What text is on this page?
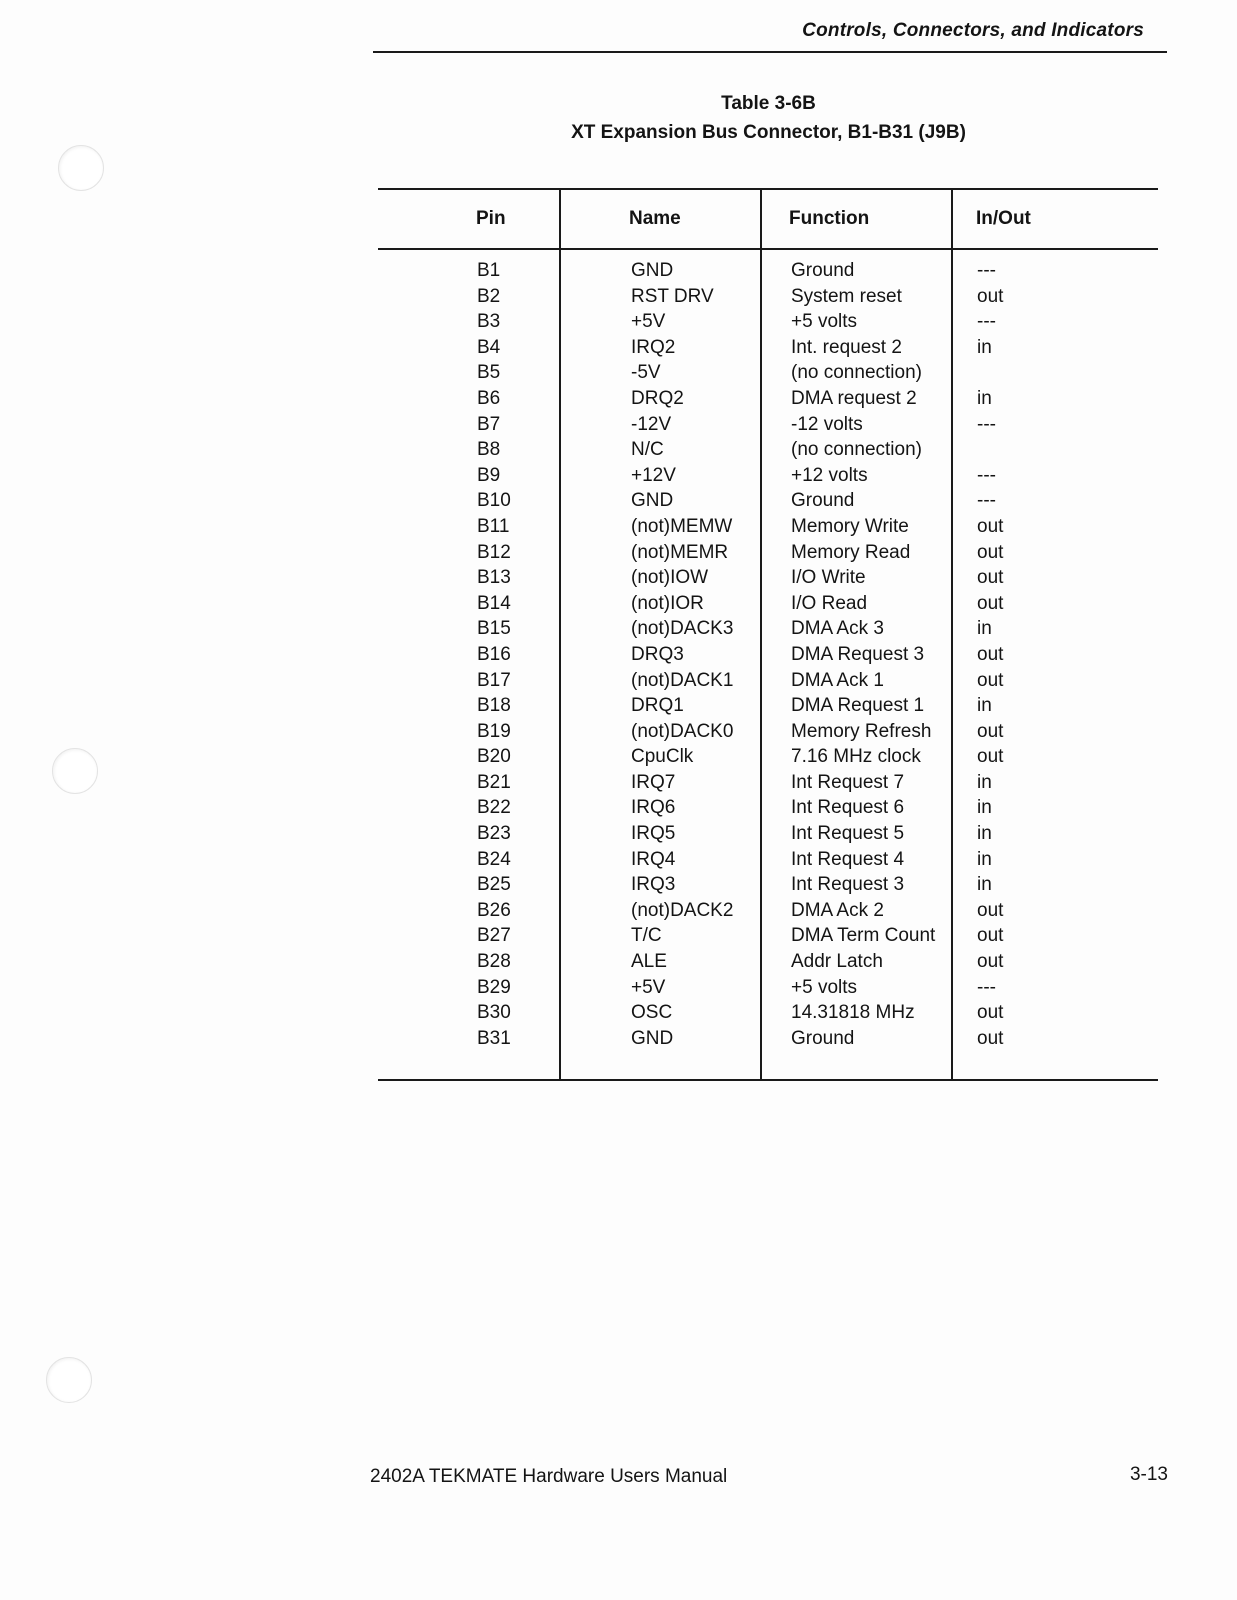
Controls, Connectors, and Indicators
Table 3-6B
XT Expansion Bus Connector, B1-B31 (J9B)
Pin	Name	Function	In/Out
B1	GND	Ground	---
B2	RST DRV	System reset	out
B3	+5V	+5 volts	---
B4	IRQ2	Int. request 2	in
B5	-5V	(no connection)
B6	DRQ2	DMA request 2	in
B7	-12V	-12 volts	---
B8	N/C	(no connection)
B9	+12V	+12 volts	---
B10	GND	Ground	---
B11	(not)MEMW	Memory Write	out
B12	(not)MEMR	Memory Read	out
B13	(not)IOW	I/O Write	out
B14	(not)IOR	I/O Read	out
B15	(not)DACK3	DMA Ack 3	in
B16	DRQ3	DMA Request 3	out
B17	(not)DACK1	DMA Ack 1	out
B18	DRQ1	DMA Request 1	in
B19	(not)DACK0	Memory Refresh out
B20	CpuClk	7.16 MHz clock	out
B21	IRQ7	Int Request 7	in
B22	IRQ6	Int Request 6	in
B23	IRQ5	Int Request 5	in
B24	IRQ4	Int Request 4	in
B25	IRQ3	Int Request 3	in
B26	(not)DACK2	DMA Ack 2	out
B27	T/C	DMA Term Count out
B28	ALE	Addr Latch	out
B29	+5V	+5 volts	---
B30	OSC	14.31818 MHz	out
B31	GND	Ground	out
2402A TEKMATE Hardware Users Manual	3-13
